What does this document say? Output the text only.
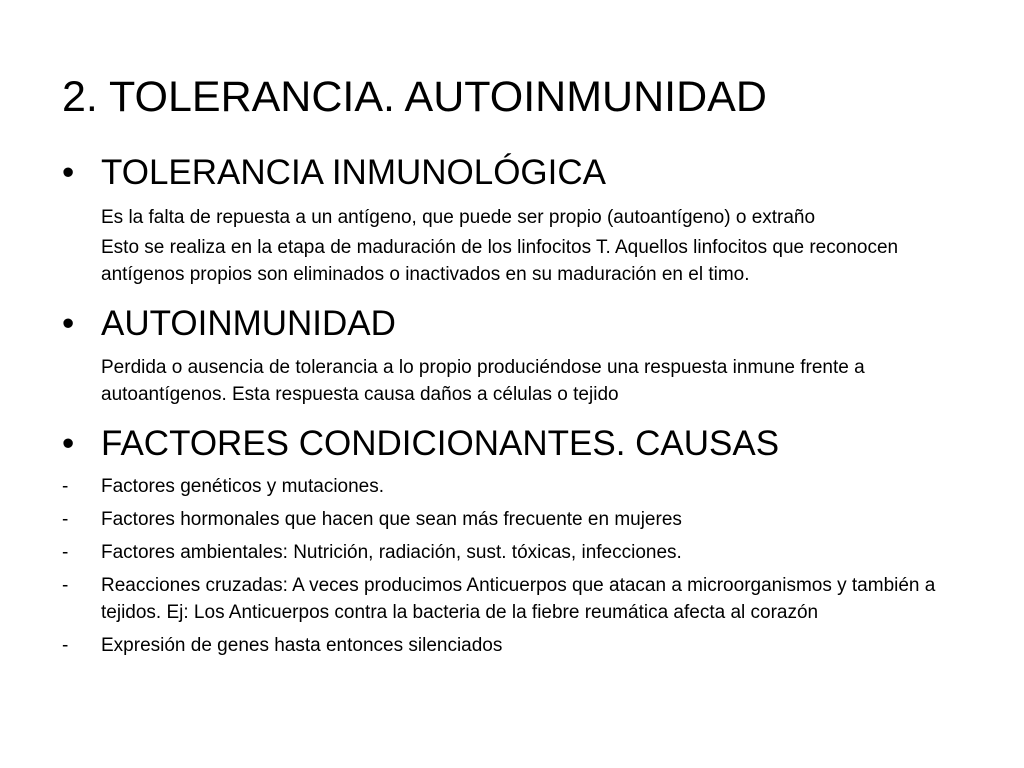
2. TOLERANCIA. AUTOINMUNIDAD
• TOLERANCIA INMUNOLÓGICA
Es la falta de repuesta a un antígeno, que puede ser propio (autoantígeno) o extraño
Esto se realiza en la etapa de maduración de los linfocitos T. Aquellos linfocitos que reconocen antígenos propios son eliminados o inactivados en su maduración en el timo.
• AUTOINMUNIDAD
Perdida o ausencia de tolerancia a lo propio produciéndose una respuesta inmune frente a autoantígenos. Esta respuesta causa daños a células o tejido
• FACTORES CONDICIONANTES. CAUSAS
- Factores genéticos y mutaciones.
- Factores hormonales que hacen que sean más frecuente en mujeres
- Factores ambientales: Nutrición, radiación, sust. tóxicas, infecciones.
- Reacciones cruzadas: A veces producimos Anticuerpos que atacan a microorganismos y también a tejidos. Ej: Los Anticuerpos contra la bacteria de la fiebre reumática afecta al corazón
- Expresión de genes hasta entonces silenciados
